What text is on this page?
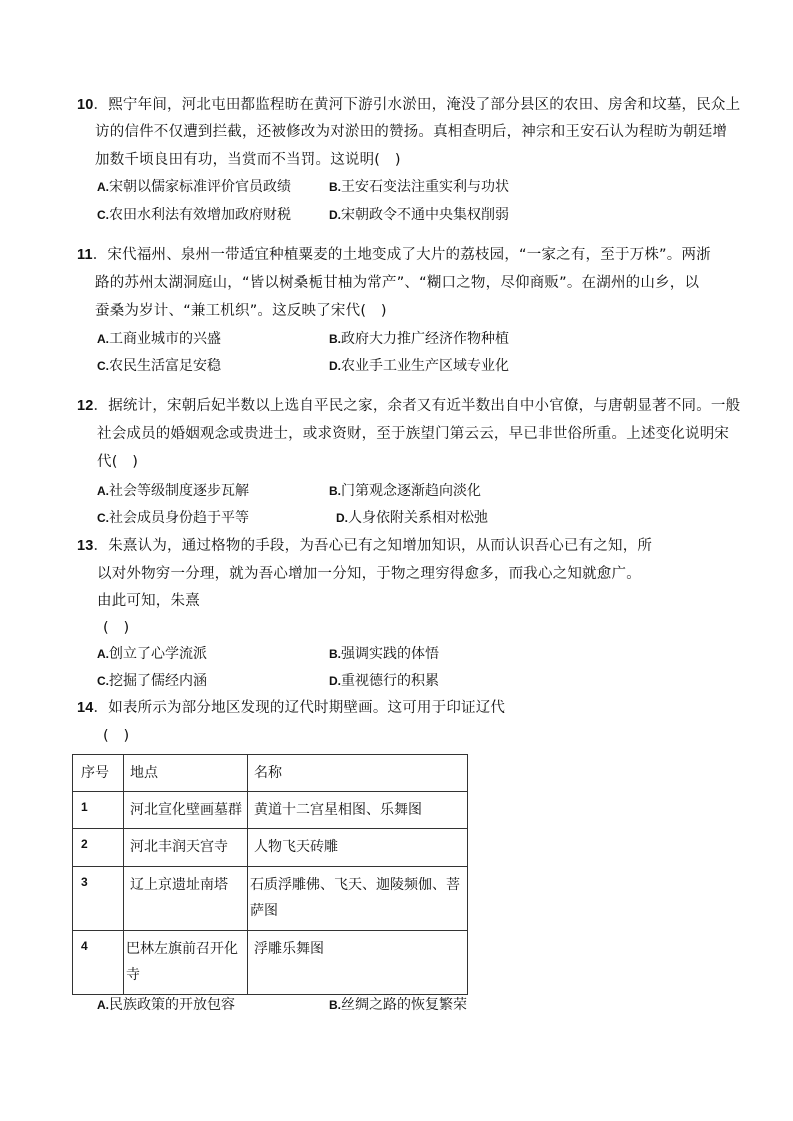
10．熙宁年间，河北屯田都监程昉在黄河下游引水淤田，淹没了部分县区的农田、房舍和坟墓，民众上
访的信件不仅遭到拦截，还被修改为对淤田的赞扬。真相查明后，神宗和王安石认为程昉为朝廷增
加数千顷良田有功，当赏而不当罚。这说明(　)
A.宋朝以儒家标准评价官员政绩	B.王安石变法注重实利与功状
C.农田水利法有效增加政府财税	D.宋朝政令不通中央集权削弱
11．宋代福州、泉州一带适宜种植粟麦的土地变成了大片的荔枝园，“一家之有，至于万株”。两浙
路的苏州太湖洞庭山，“皆以树桑栀甘柚为常产”、“糊口之物，尽仰商贩”。在湖州的山乡，以
蚕桑为岁计、“兼工机织”。这反映了宋代(　)
A.工商业城市的兴盛	B.政府大力推广经济作物种植
C.农民生活富足安稳	D.农业手工业生产区域专业化
12．据统计，宋朝后妃半数以上选自平民之家，余者又有近半数出自中小官僚，与唐朝显著不同。一般
社会成员的婚姻观念或贵进士，或求资财，至于族望门第云云，早已非世俗所重。上述变化说明宋
代(　)
A.社会等级制度逐步瓦解	B.门第观念逐渐趋向淡化
C.社会成员身份趋于平等	D.人身依附关系相对松弛
13．朱熹认为，通过格物的手段，为吾心已有之知增加知识，从而认识吾心已有之知，所
以对外物穷一分理，就为吾心增加一分知，于物之理穷得愈多，而我心之知就愈广。
由此可知，朱熹
(　)
A.创立了心学流派	B.强调实践的体悟
C.挖掘了儒经内涵	D.重视德行的积累
14．如表所示为部分地区发现的辽代时期壁画。这可用于印证辽代
(　)
序号	地点	名称
1	河北宣化壁画墓群	黄道十二宫星相图、乐舞图
2	河北丰润天宫寺	人物飞天砖雕
3	辽上京遗址南塔	石质浮雕佛、飞天、迦陵频伽、菩萨图
4	巴林左旗前召开化寺	浮雕乐舞图
A.民族政策的开放包容	B.丝绸之路的恢复繁荣
